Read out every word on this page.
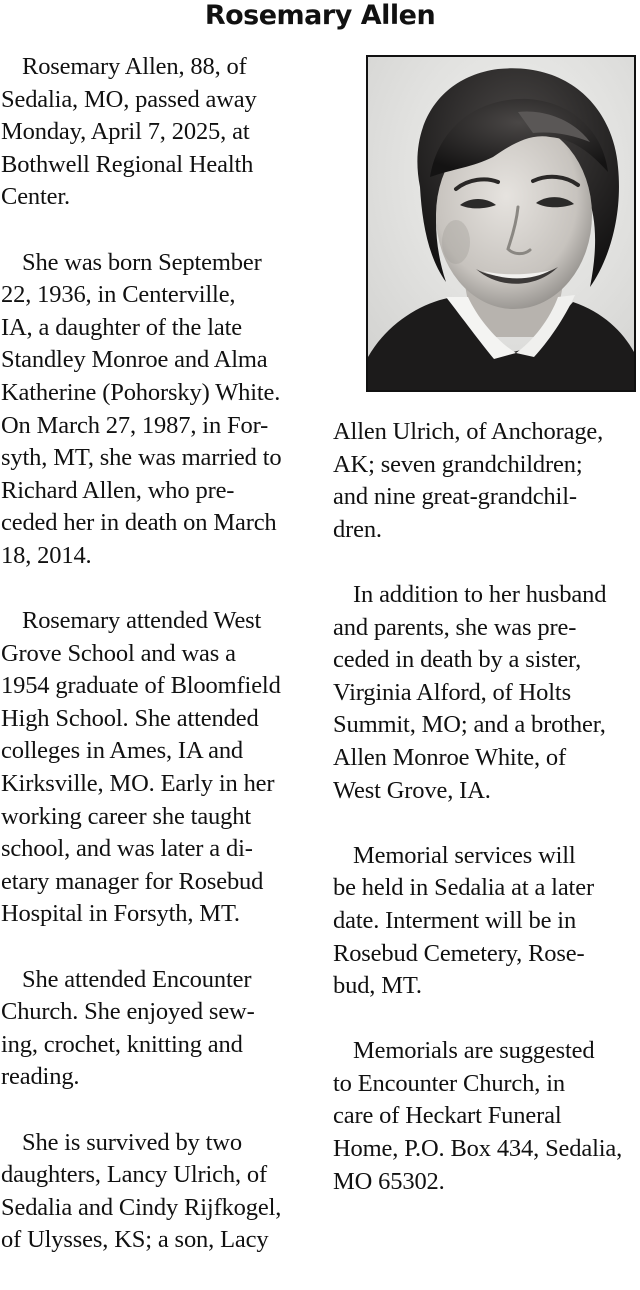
Rosemary Allen

Rosemary Allen, 88, of
Sedalia, MO, passed away
Monday, April 7, 2025, at
Bothwell Regional Health
Center.

She was born September
22, 1936, in Centerville,
IA, a daughter of the late
Standley Monroe and Alma
Katherine (Pohorsky) White.
On March 27, 1987, in For-
syth, MT, she was married to
Richard Allen, who pre-
ceded her in death on March
18, 2014.

Rosemary attended West
Grove School and was a
1954 graduate of Bloomfield
High School. She attended
colleges in Ames, IA and
Kirksville, MO. Early in her
working career she taught
school, and was later a di-
etary manager for Rosebud
Hospital in Forsyth, MT.

She attended Encounter
Church. She enjoyed sew-
ing, crochet, knitting and
reading.

She is survived by two
daughters, Lancy Ulrich, of
Sedalia and Cindy Rijfkogel,
of Ulysses, KS; a son, Lacy

Allen Ulrich, of Anchorage,
AK; seven grandchildren;
and nine great-grandchil-
dren.

In addition to her husband
and parents, she was pre-
ceded in death by a sister,
Virginia Alford, of Holts
Summit, MO; and a brother,
Allen Monroe White, of
West Grove, IA.

Memorial services will
be held in Sedalia at a later
date. Interment will be in
Rosebud Cemetery, Rose-
bud, MT.

Memorials are suggested
to Encounter Church, in
care of Heckart Funeral
Home, P.O. Box 434, Sedalia,
MO 65302.
